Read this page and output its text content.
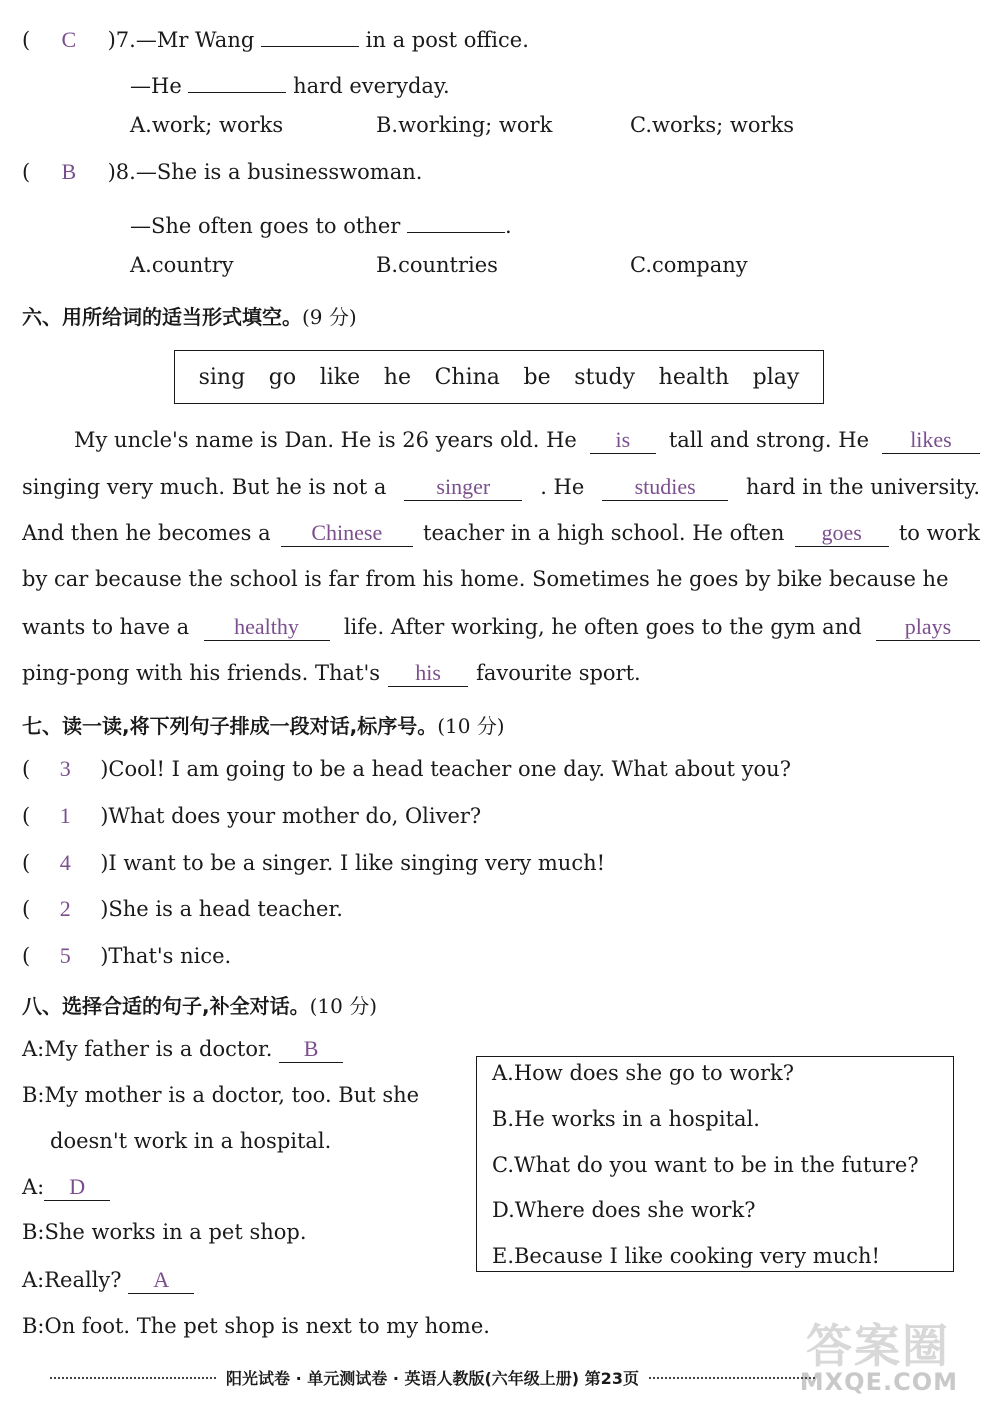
( C )7.—Mr Wang	in a post office.
—He	hard everyday.
A.work; works	B.working; work	C.works; works
( B )8.—She is a businesswoman.
—She often goes to other	.
A.country	B.countries	C.company
六、用所给词的适当形式填空。(9 分)
sing go like he China be study health play
My uncle's name is Dan. He is 26 years old. He	is	tall and strong. He	likes
singing very much. But he is not a	singer	. He	studies	hard in the university.
And then he becomes a	Chinese	teacher in a high school. He often	goes	to work
by car because the school is far from his home. Sometimes he goes by bike because he
wants to have a	healthy	life. After working, he often goes to the gym and	plays
ping-pong with his friends. That's	his	favourite sport.
七、读一读,将下列句子排成一段对话,标序号。(10 分)
( 3 )Cool! I am going to be a head teacher one day. What about you?
( 1 )What does your mother do, Oliver?
( 4 )I want to be a singer. I like singing very much!
( 2 )She is a head teacher.
( 5 )That's nice.
八、选择合适的句子,补全对话。(10 分)
A:My father is a doctor. B
B:My mother is a doctor, too. But she
doesn't work in a hospital.
A: D
B:She works in a pet shop.
A:Really? A
B:On foot. The pet shop is next to my home.
A.How does she go to work?
B.He works in a hospital.
C.What do you want to be in the future?
D.Where does she work?
E.Because I like cooking very much!
答案圈
MXQE.COM
阳光试卷 · 单元测试卷 · 英语人教版(六年级上册) 第23页
